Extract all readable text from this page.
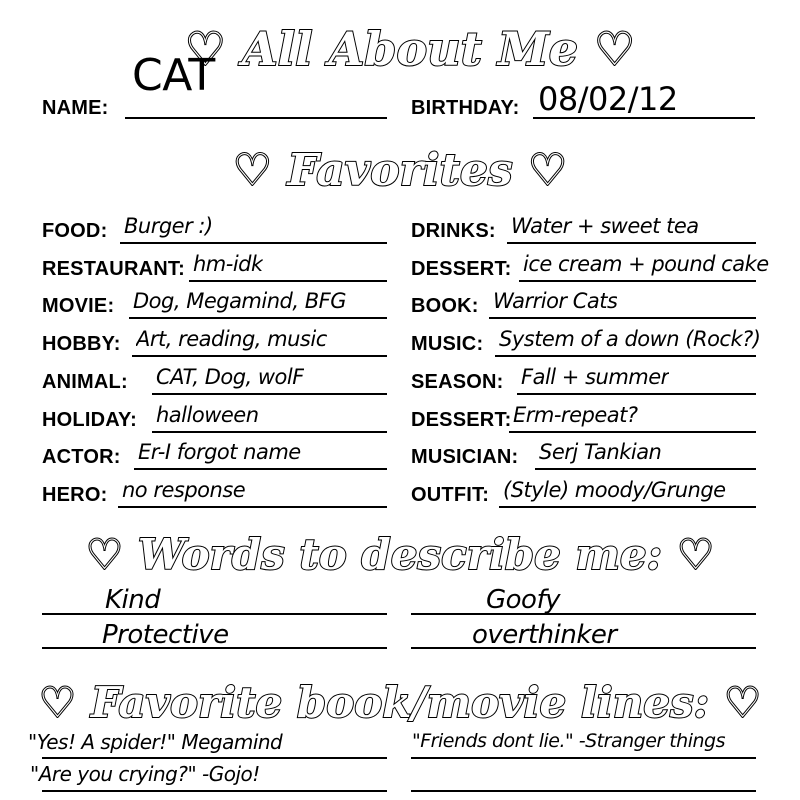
♡ All About Me ♡
NAME:
CAT
BIRTHDAY: 08/02/12
♡ Favorites ♡
FOOD: Burger :)
RESTAURANT: hm-idk
MOVIE: Dog, Megamind, BFG
HOBBY: Art, reading, music
ANIMAL: CAT, Dog, wolF
HOLIDAY: halloween
ACTOR: Er-I forgot name
HERO: no response
DRINKS: Water + sweet tea
DESSERT: ice cream + pound cake
BOOK: Warrior Cats
MUSIC: System of a down (Rock?)
SEASON: Fall + summer
DESSERT: Erm-repeat?
MUSICIAN: Serj Tankian
OUTFIT: (Style) moody/Grunge
♡ Words to describe me: ♡
Kind	Goofy
Protective	overthinker
♡ Favorite book/movie lines: ♡
"Yes! A spider!" Megamind	"Friends dont lie." -Stranger things
"Are you crying?" -Gojo!
